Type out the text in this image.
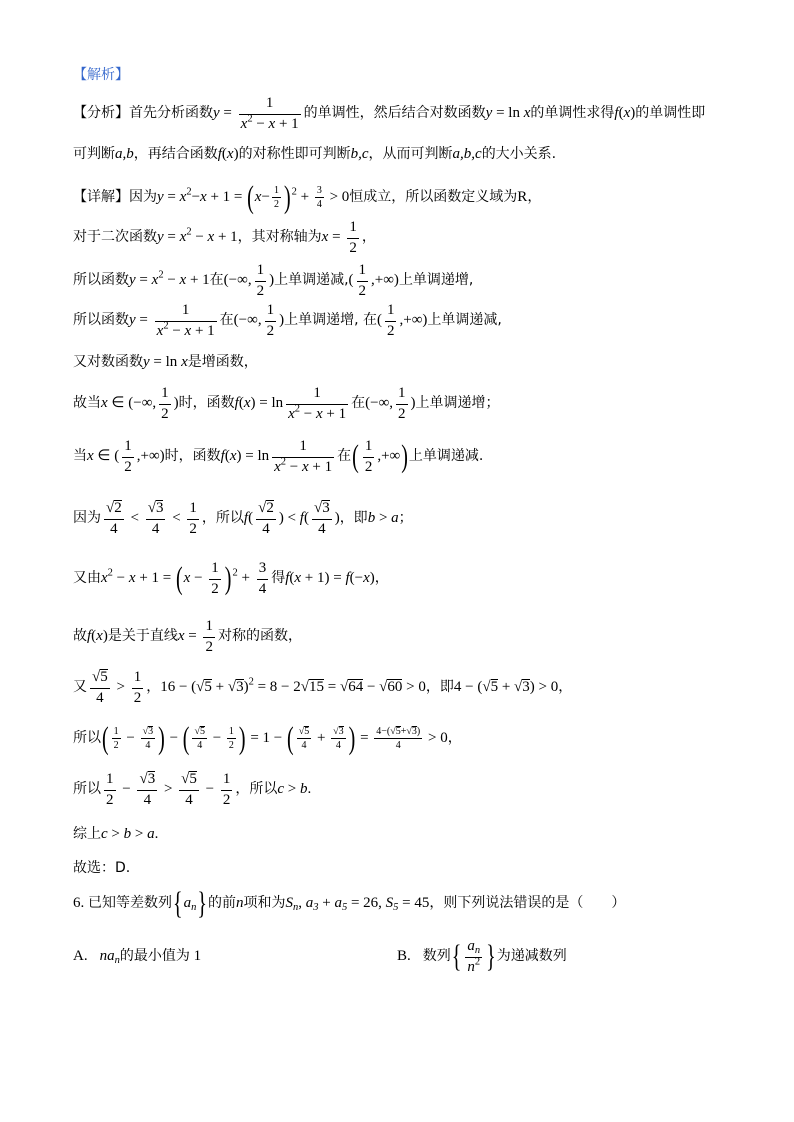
【解析】
【分析】首先分析函数$y = \frac{1}{x^2 - x + 1}$ 的单调性，然后结合对数函数y = ln x的单调性求得f(x)的单调性即
可判断a,b，再结合函数f(x)的对称性即可判断b,c，从而可判断a,b,c的大小关系.
【详解】因为$y = x^2-x + 1 = (x- \frac{1}{2} )^2 + \frac{3}{4} > 0$恒成立，所以函数定义域为R，
对于二次函数$y = x^2 - x + 1$，其对称轴为$x = \frac{1}{2}$ ，
所以函数$y = x^2 - x + 1$在(−∞, $\frac{1}{2}$ )上单调递减,( $\frac{1}{2}$ ,+∞)上单调递增,
所以函数$y = \frac{1}{x^2 - x + 1}$ 在(−∞, $\frac{1}{2}$ )上单调递增, 在( $\frac{1}{2}$ ,+∞)上单调递减,
又对数函数y = ln x是增函数，
故当x ∈ (−∞, $\frac{1}{2}$ )时，函数$f(x) = \ln \frac{1}{x^2 - x + 1}$ 在(−∞, $\frac{1}{2}$ )上单调递增；
当x ∈ ( $\frac{1}{2}$ ,+∞)时，函数$f(x) = \ln \frac{1}{x^2 - x + 1}$ 在( $\frac{1}{2}$ ,+∞)上单调递减.
因为 $\frac{√2}{4} < \frac{√3}{4} < \frac{1}{2}$ ，所以$f( \frac{√2}{4}$ ) < $f( \frac{√3}{4}$ )，即b > a；
又由$x^2 - x + 1 = (x - \frac{1}{2} )^2 + \frac{3}{4}$ 得f(x + 1) = f(−x)，
故f(x)是关于直线$x = \frac{1}{2}$ 对称的函数，
又 $\frac{√5}{4} > \frac{1}{2}$ ，$16 - (√5 + √3)^2 = 8 - 2√15 = √64 - √60 > 0$，即4 − (√5 + √3) > 0，
所以( $\frac{1}{2} - \frac{√3}{4}$ ) − ( $\frac{√5}{4} - \frac{1}{2}$ ) = 1 − ( $\frac{√5}{4} + \frac{√3}{4}$ ) = $\frac{4-(√5+√3)}{4} > 0$，
所以 $\frac{1}{2} - \frac{√3}{4} > \frac{√5}{4} - \frac{1}{2}$ ，所以c > b.
综上c > b > a.
故选：D.
6. 已知等差数列$\{a_n\}$的前n项和为$S_n$, $a_3 + a_5 = 26$, $S_5 = 45$，则下列说法错误的是（　　）
A. $na_n$的最小值为 1	B. 数列{ $\frac{a_n}{n^2}$ }为递减数列
